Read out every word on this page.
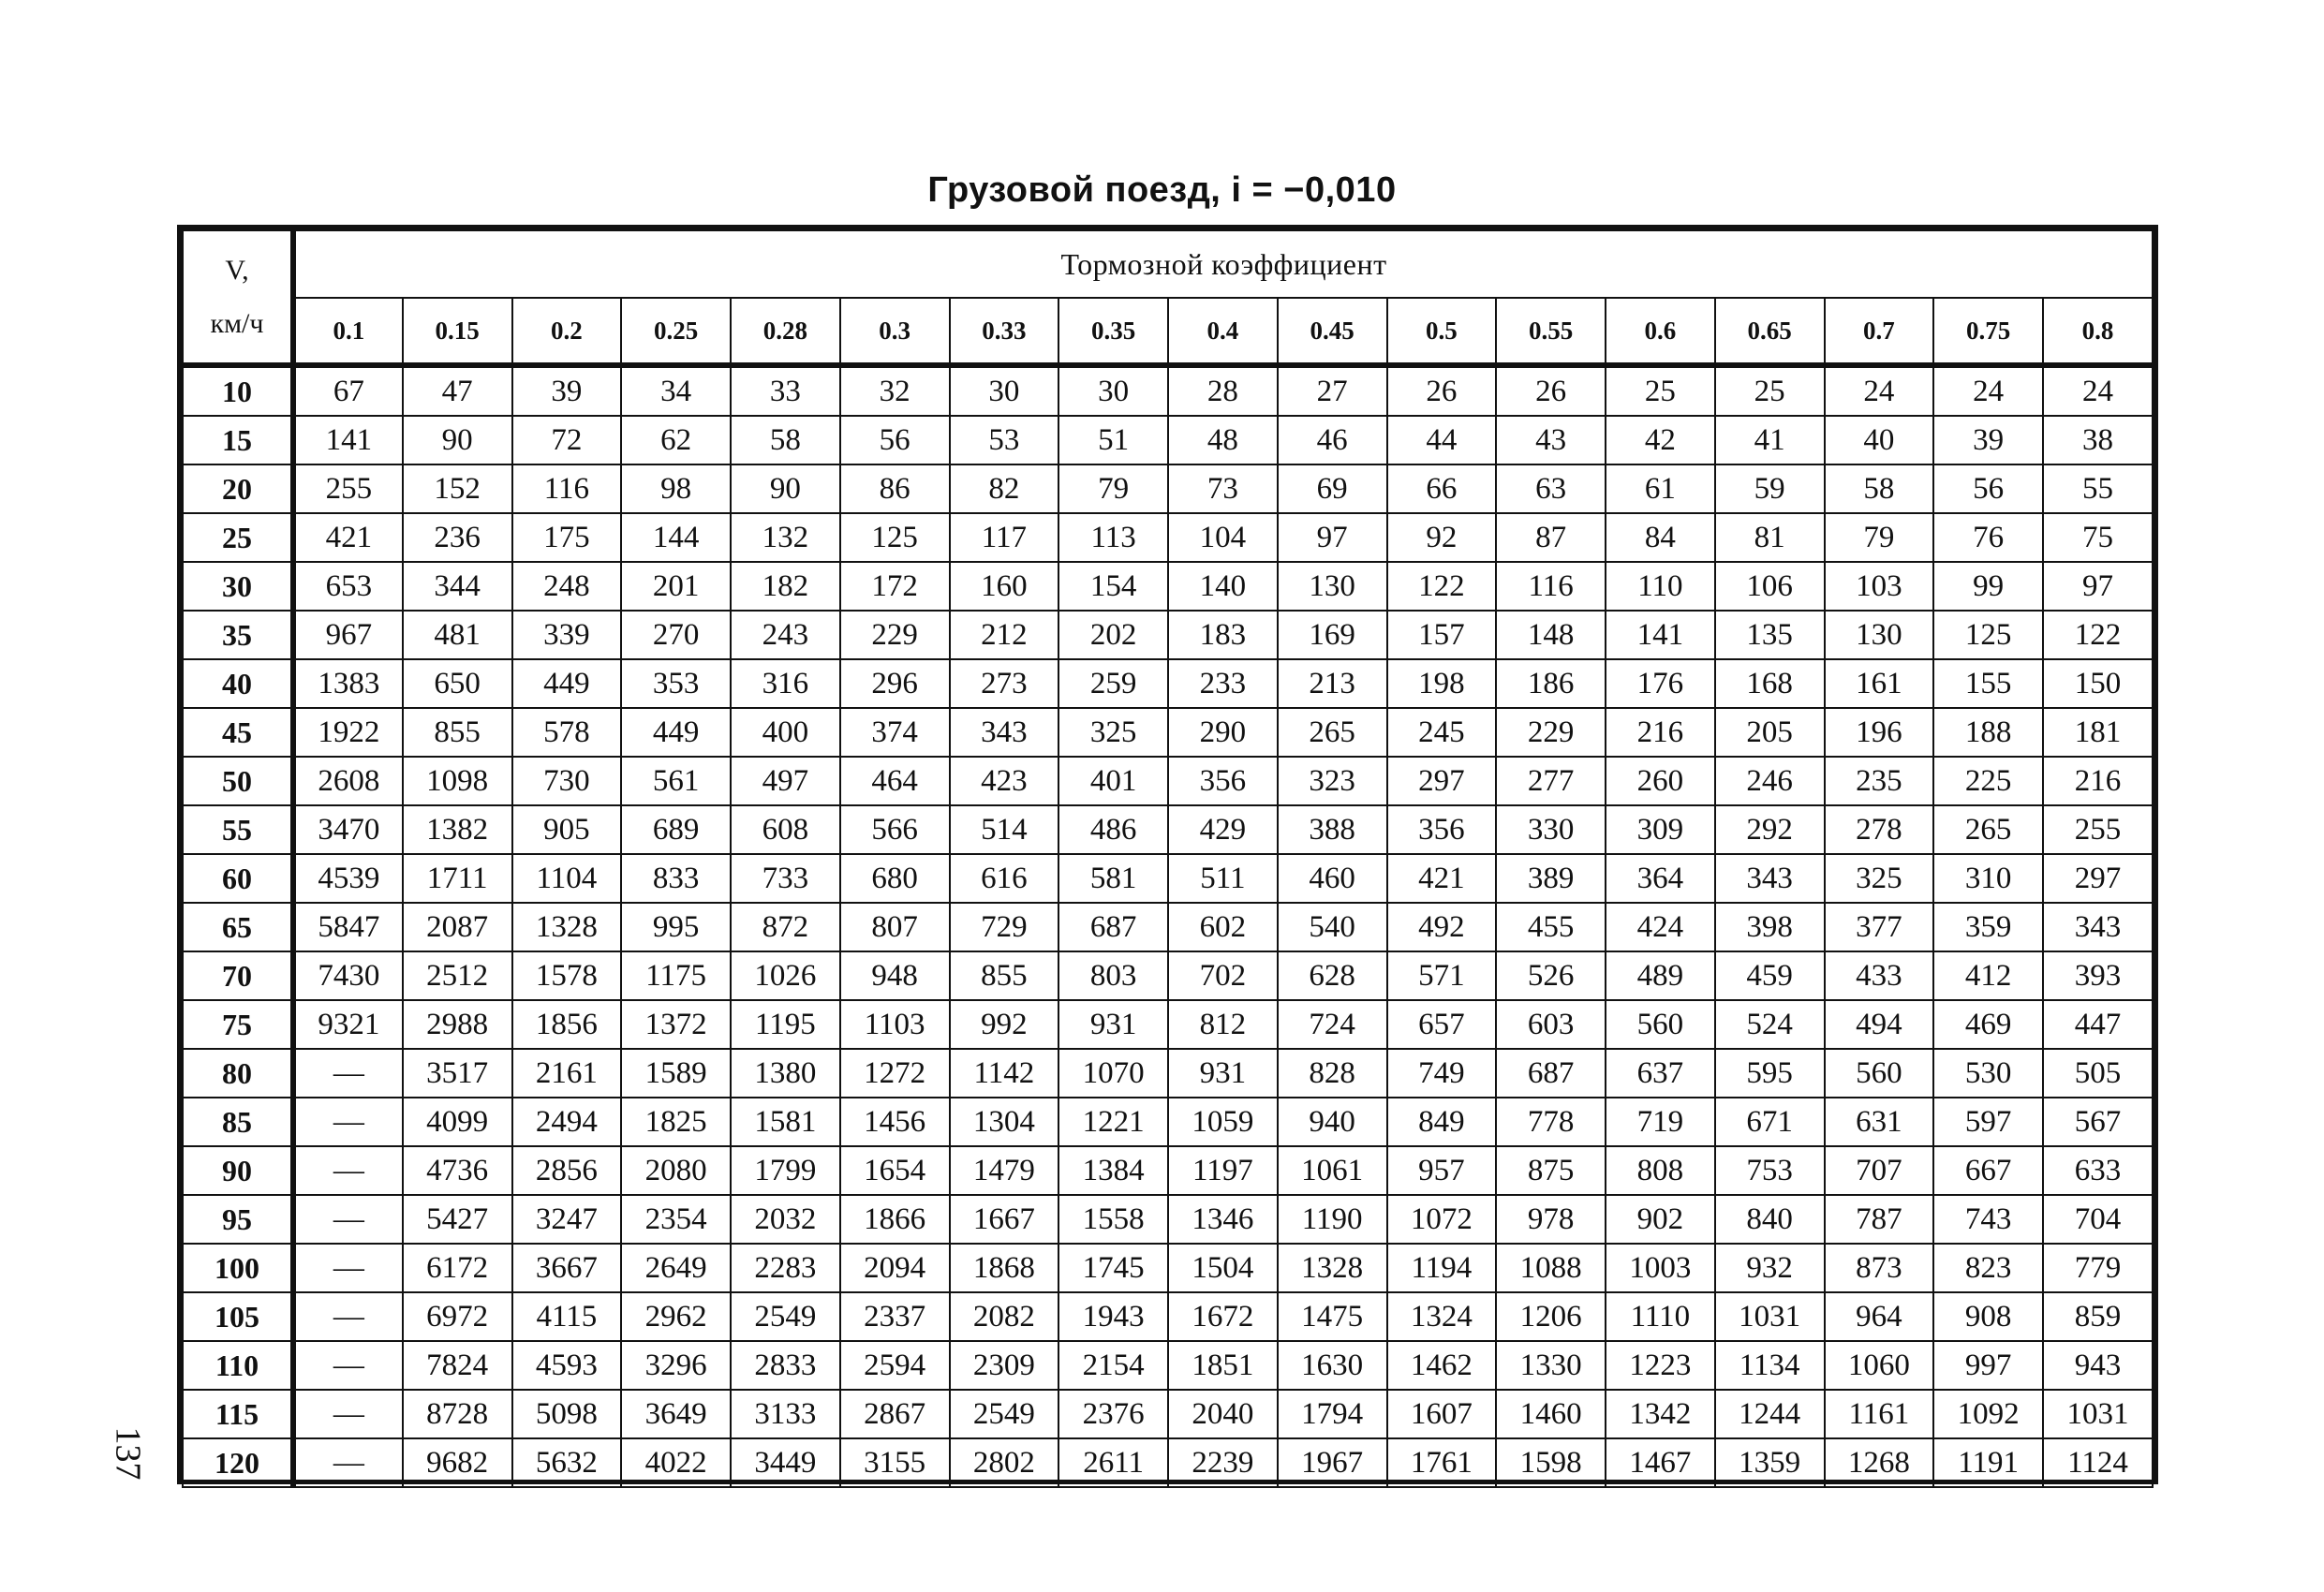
Грузовой поезд, i = −0,010
V,
км/ч	Тормозной коэффициент																
	0.1	0.15	0.2	0.25	0.28	0.3	0.33	0.35	0.4	0.45	0.5	0.55	0.6	0.65	0.7	0.75	0.8
10	67	47	39	34	33	32	30	30	28	27	26	26	25	25	24	24	24
15	141	90	72	62	58	56	53	51	48	46	44	43	42	41	40	39	38
20	255	152	116	98	90	86	82	79	73	69	66	63	61	59	58	56	55
25	421	236	175	144	132	125	117	113	104	97	92	87	84	81	79	76	75
30	653	344	248	201	182	172	160	154	140	130	122	116	110	106	103	99	97
35	967	481	339	270	243	229	212	202	183	169	157	148	141	135	130	125	122
40	1383	650	449	353	316	296	273	259	233	213	198	186	176	168	161	155	150
45	1922	855	578	449	400	374	343	325	290	265	245	229	216	205	196	188	181
50	2608	1098	730	561	497	464	423	401	356	323	297	277	260	246	235	225	216
55	3470	1382	905	689	608	566	514	486	429	388	356	330	309	292	278	265	255
60	4539	1711	1104	833	733	680	616	581	511	460	421	389	364	343	325	310	297
65	5847	2087	1328	995	872	807	729	687	602	540	492	455	424	398	377	359	343
70	7430	2512	1578	1175	1026	948	855	803	702	628	571	526	489	459	433	412	393
75	9321	2988	1856	1372	1195	1103	992	931	812	724	657	603	560	524	494	469	447
80	—	3517	2161	1589	1380	1272	1142	1070	931	828	749	687	637	595	560	530	505
85	—	4099	2494	1825	1581	1456	1304	1221	1059	940	849	778	719	671	631	597	567
90	—	4736	2856	2080	1799	1654	1479	1384	1197	1061	957	875	808	753	707	667	633
95	—	5427	3247	2354	2032	1866	1667	1558	1346	1190	1072	978	902	840	787	743	704
100	—	6172	3667	2649	2283	2094	1868	1745	1504	1328	1194	1088	1003	932	873	823	779
105	—	6972	4115	2962	2549	2337	2082	1943	1672	1475	1324	1206	1110	1031	964	908	859
110	—	7824	4593	3296	2833	2594	2309	2154	1851	1630	1462	1330	1223	1134	1060	997	943
115	—	8728	5098	3649	3133	2867	2549	2376	2040	1794	1607	1460	1342	1244	1161	1092	1031
120	—	9682	5632	4022	3449	3155	2802	2611	2239	1967	1761	1598	1467	1359	1268	1191	1124
137
